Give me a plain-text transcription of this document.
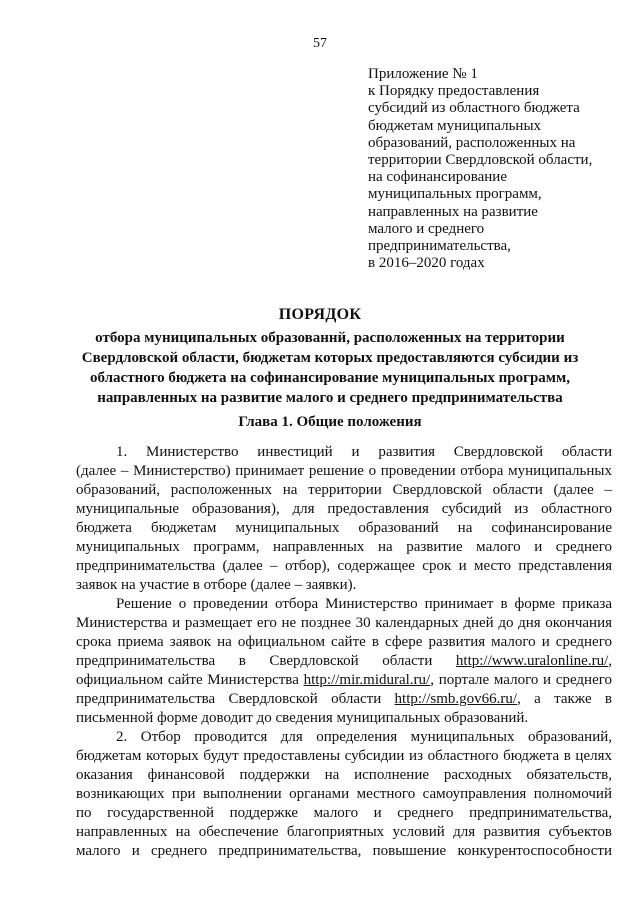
57
Приложение № 1
к Порядку предоставления
субсидий из областного бюджета
бюджетам муниципальных
образований, расположенных на
территории Свердловской области,
на софинансирование
муниципальных программ,
направленных на развитие
малого и среднего
предпринимательства,
в 2016–2020 годах
ПОРЯДОК
отбора муниципальных образованнй, расположенных на территории
Свердловской области, бюджетам которых предоставляются субсидии из
областного бюджета на софинансирование муниципальных программ,
направленных на развитие малого и среднего предпринимательства
Глава 1. Общие положения
1. Министерство инвестиций и развития Свердловской области
(далее – Министерство) принимает решение о проведении отбора муниципальных
образований, расположенных на территории Свердловской области (далее –
муниципальные образования), для предоставления субсидий из областного
бюджета бюджетам муниципальных образований на софинансирование
муниципальных программ, направленных на развитие малого и среднего
предпринимательства (далее – отбор), содержащее срок и место представления
заявок на участие в отборе (далее – заявки).
Решение о проведении отбора Министерство принимает в форме приказа
Министерства и размещает его не позднее 30 календарных дней до дня окончания
срока приема заявок на официальном сайте в сфере развития малого и среднего
предпринимательства в Свердловской области http://www.uralonline.ru/,
официальном сайте Министерства http://mir.midural.ru/, портале малого и среднего
предпринимательства Свердловской области http://smb.gov66.ru/, а также в
письменной форме доводит до сведения муниципальных образований.
2. Отбор проводится для определения муниципальных образований,
бюджетам которых будут предоставлены субсидии из областного бюджета в целях
оказания финансовой поддержки на исполнение расходных обязательств,
возникающих при выполнении органами местного самоуправления полномочий
по государственной поддержке малого и среднего предпринимательства,
направленных на обеспечение благоприятных условий для развития субъектов
малого и среднего предпринимательства, повышение конкурентоспособности
